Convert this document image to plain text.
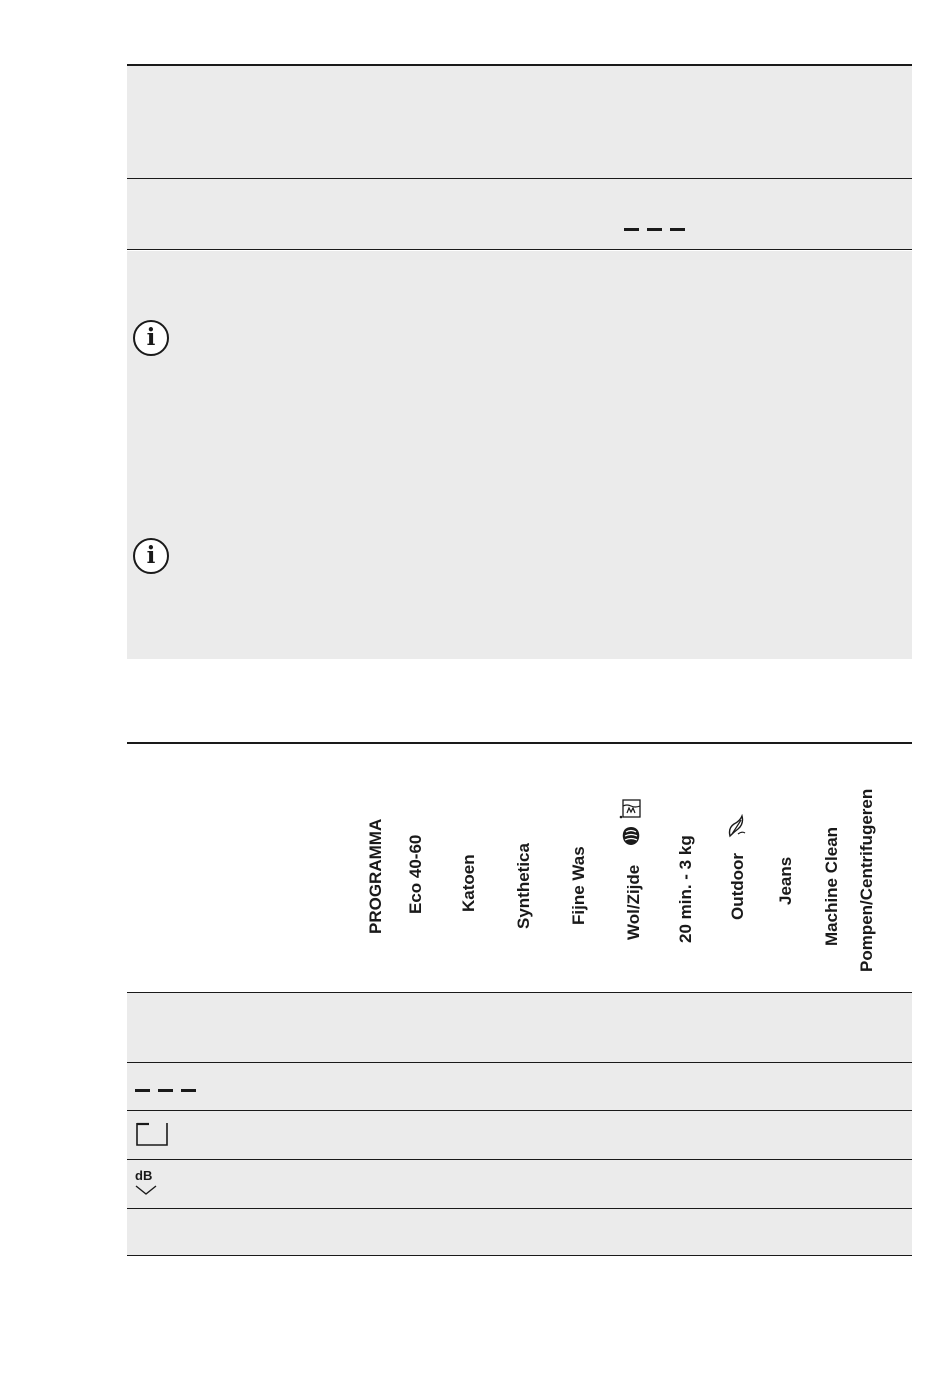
i
i
PROGRAMMA Eco 40-60 Katoen Synthetica Fijne Was Wol/Zijde 20 min. - 3 kg Outdoor Jeans Machine Clean Pompen/Centrifugeren
dB
